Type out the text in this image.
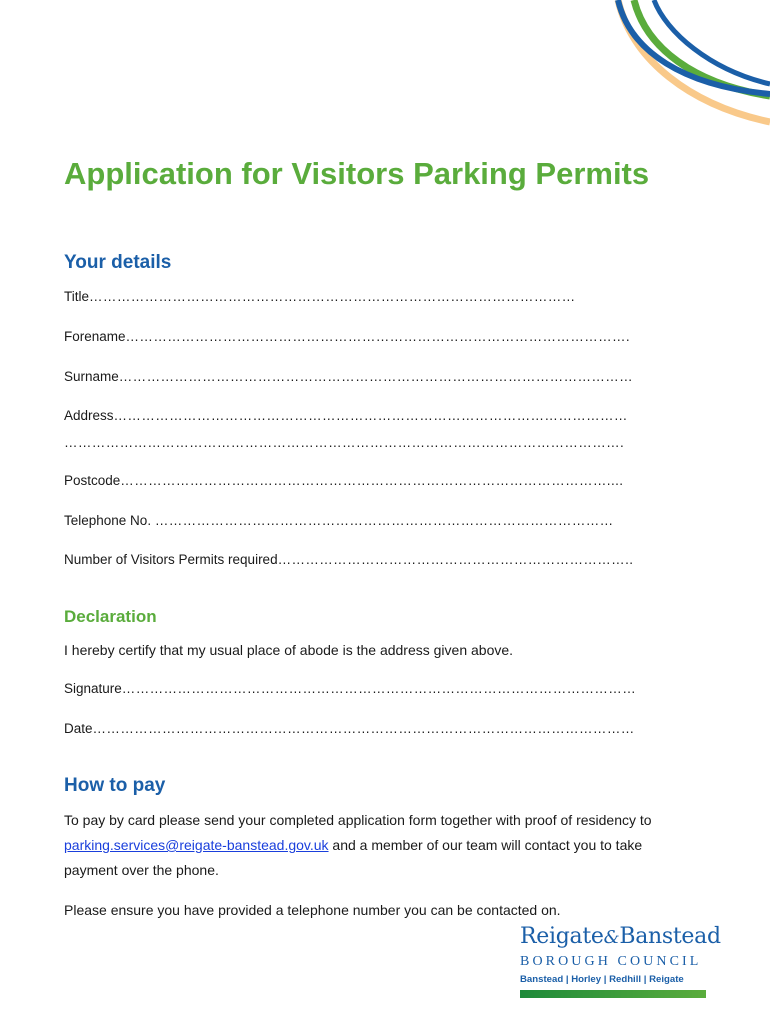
Application for Visitors Parking Permits
Your details
Title……………………………………………………………………………………………
Forename……………………………………………………………………………………………….
Surname…………………………………………………………………………………………………
Address…………………………………………………………………………………………………
………………………………………………………………………………………………………….
Postcode……………………………………………………………………………………………....
Telephone No. ………………………………………………………………………………………
Number of Visitors Permits required…………………………………………………………………..
Declaration

I hereby certify that my usual place of abode is the address given above.

Signature…………………………………………………………………………………………………
Date………………………………………………………………………………………………………
How to pay

To pay by card please send your completed application form together with proof of residency to parking.services@reigate-banstead.gov.uk and a member of our team will contact you to take payment over the phone.

Please ensure you have provided a telephone number you can be contacted on.

Reigate&Banstead
BOROUGH COUNCIL
Banstead | Horley | Redhill | Reigate
